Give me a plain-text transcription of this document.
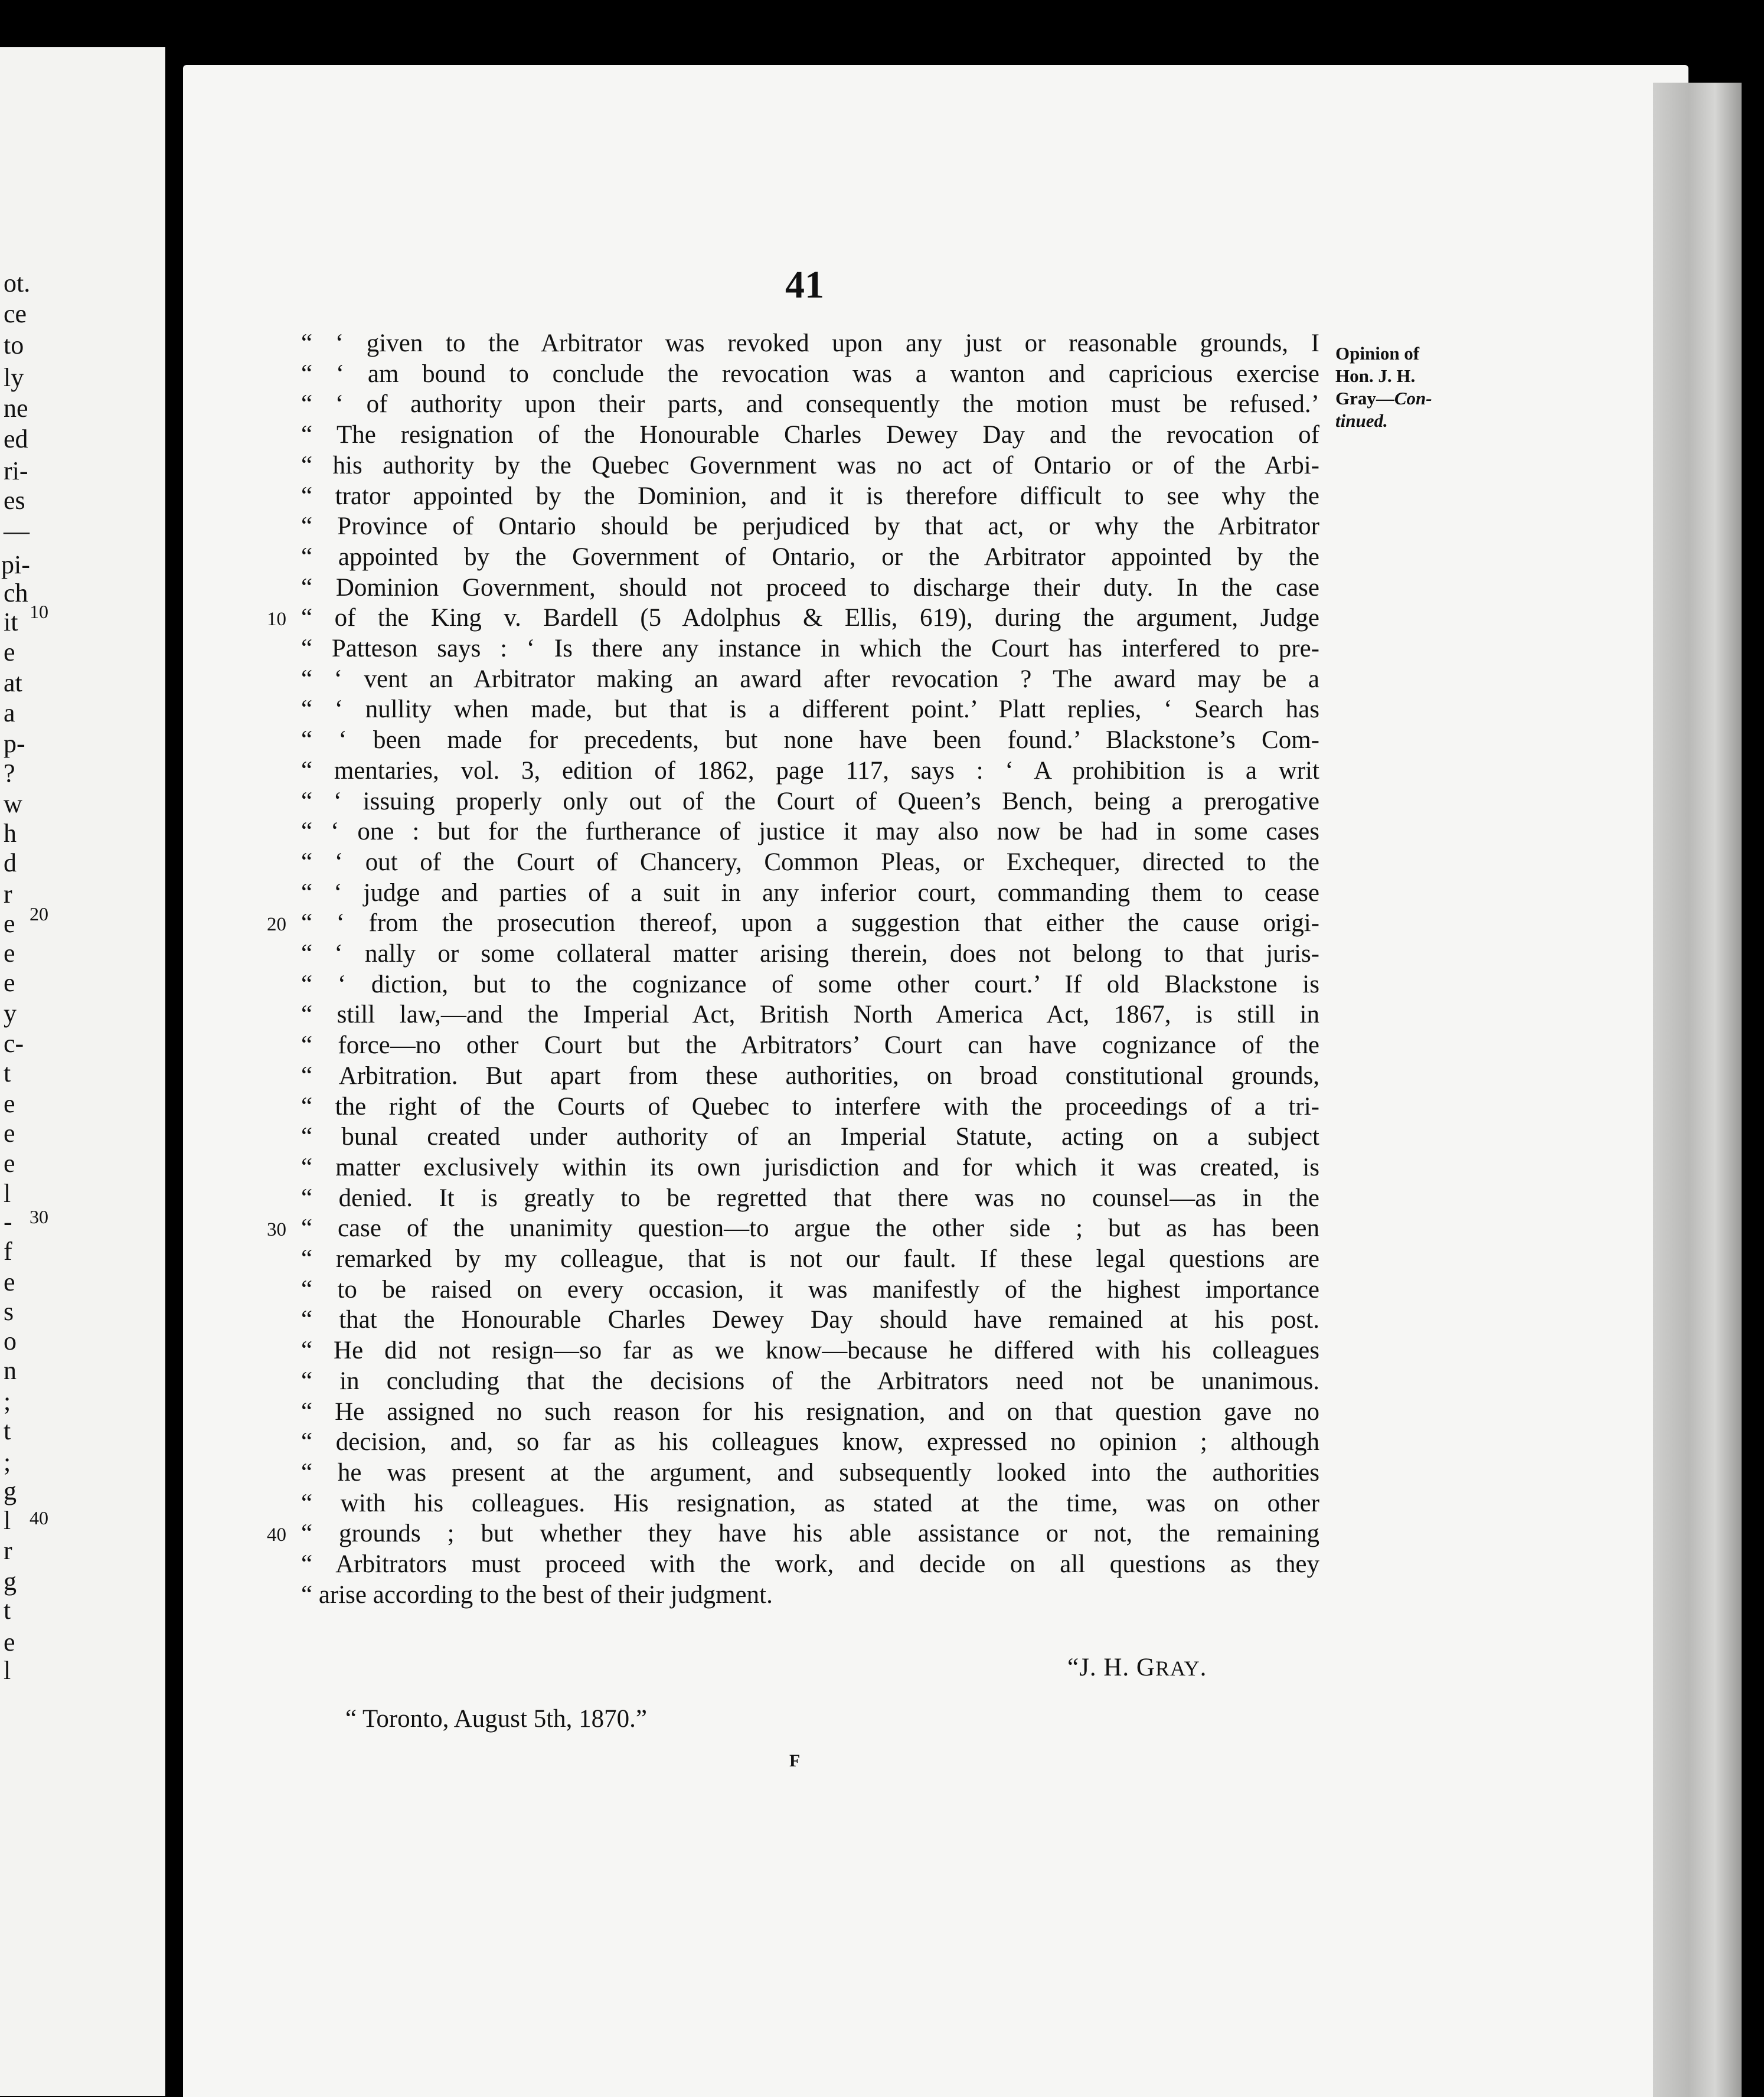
ot.
ce
to
ly
ne
ed
ri-
es
—
pi-
ch
it
e
at
a
p-
?
w
h
d
r
e
e
e
y
c-
t
e
e
e
l
-
f
e
s
o
n
;
t
;
g
l
r
g
t
e
l
10
20
30
40
41
Opinion of
Hon. J. H.
Gray—Con-
tinued.
“ ‘ given to the Arbitrator was revoked upon any just or reasonable grounds, I
“ ‘ am bound to conclude the revocation was a wanton and capricious exercise
“ ‘ of authority upon their parts, and consequently the motion must be refused.’
“ The resignation of the Honourable Charles Dewey Day and the revocation of
“ his authority by the Quebec Government was no act of Ontario or of the Arbi-
“ trator appointed by the Dominion, and it is therefore difficult to see why the
“ Province of Ontario should be perjudiced by that act, or why the Arbitrator
“ appointed by the Government of Ontario, or the Arbitrator appointed by the
“ Dominion Government, should not proceed to discharge their duty. In the case
“ of the King v. Bardell (5 Adolphus & Ellis, 619), during the argument, Judge
“ Patteson says : ‘ Is there any instance in which the Court has interfered to pre-
“ ‘ vent an Arbitrator making an award after revocation ? The award may be a
“ ‘ nullity when made, but that is a different point.’ Platt replies, ‘ Search has
“ ‘ been made for precedents, but none have been found.’ Blackstone’s Com-
“ mentaries, vol. 3, edition of 1862, page 117, says : ‘ A prohibition is a writ
“ ‘ issuing properly only out of the Court of Queen’s Bench, being a prerogative
“ ‘ one : but for the furtherance of justice it may also now be had in some cases
“ ‘ out of the Court of Chancery, Common Pleas, or Exchequer, directed to the
“ ‘ judge and parties of a suit in any inferior court, commanding them to cease
“ ‘ from the prosecution thereof, upon a suggestion that either the cause origi-
“ ‘ nally or some collateral matter arising therein, does not belong to that juris-
“ ‘ diction, but to the cognizance of some other court.’ If old Blackstone is
“ still law,—and the Imperial Act, British North America Act, 1867, is still in
“ force—no other Court but the Arbitrators’ Court can have cognizance of the
“ Arbitration. But apart from these authorities, on broad constitutional grounds,
“ the right of the Courts of Quebec to interfere with the proceedings of a tri-
“ bunal created under authority of an Imperial Statute, acting on a subject
“ matter exclusively within its own jurisdiction and for which it was created, is
“ denied. It is greatly to be regretted that there was no counsel—as in the
“ case of the unanimity question—to argue the other side ; but as has been
“ remarked by my colleague, that is not our fault. If these legal questions are
“ to be raised on every occasion, it was manifestly of the highest importance
“ that the Honourable Charles Dewey Day should have remained at his post.
“ He did not resign—so far as we know—because he differed with his colleagues
“ in concluding that the decisions of the Arbitrators need not be unanimous.
“ He assigned no such reason for his resignation, and on that question gave no
“ decision, and, so far as his colleagues know, expressed no opinion ; although
“ he was present at the argument, and subsequently looked into the authorities
“ with his colleagues. His resignation, as stated at the time, was on other
“ grounds ; but whether they have his able assistance or not, the remaining
“ Arbitrators must proceed with the work, and decide on all questions as they
“ arise according to the best of their judgment.
10
20
30
40
“J. H. GRAY.
“ Toronto, August 5th, 1870.”
F
